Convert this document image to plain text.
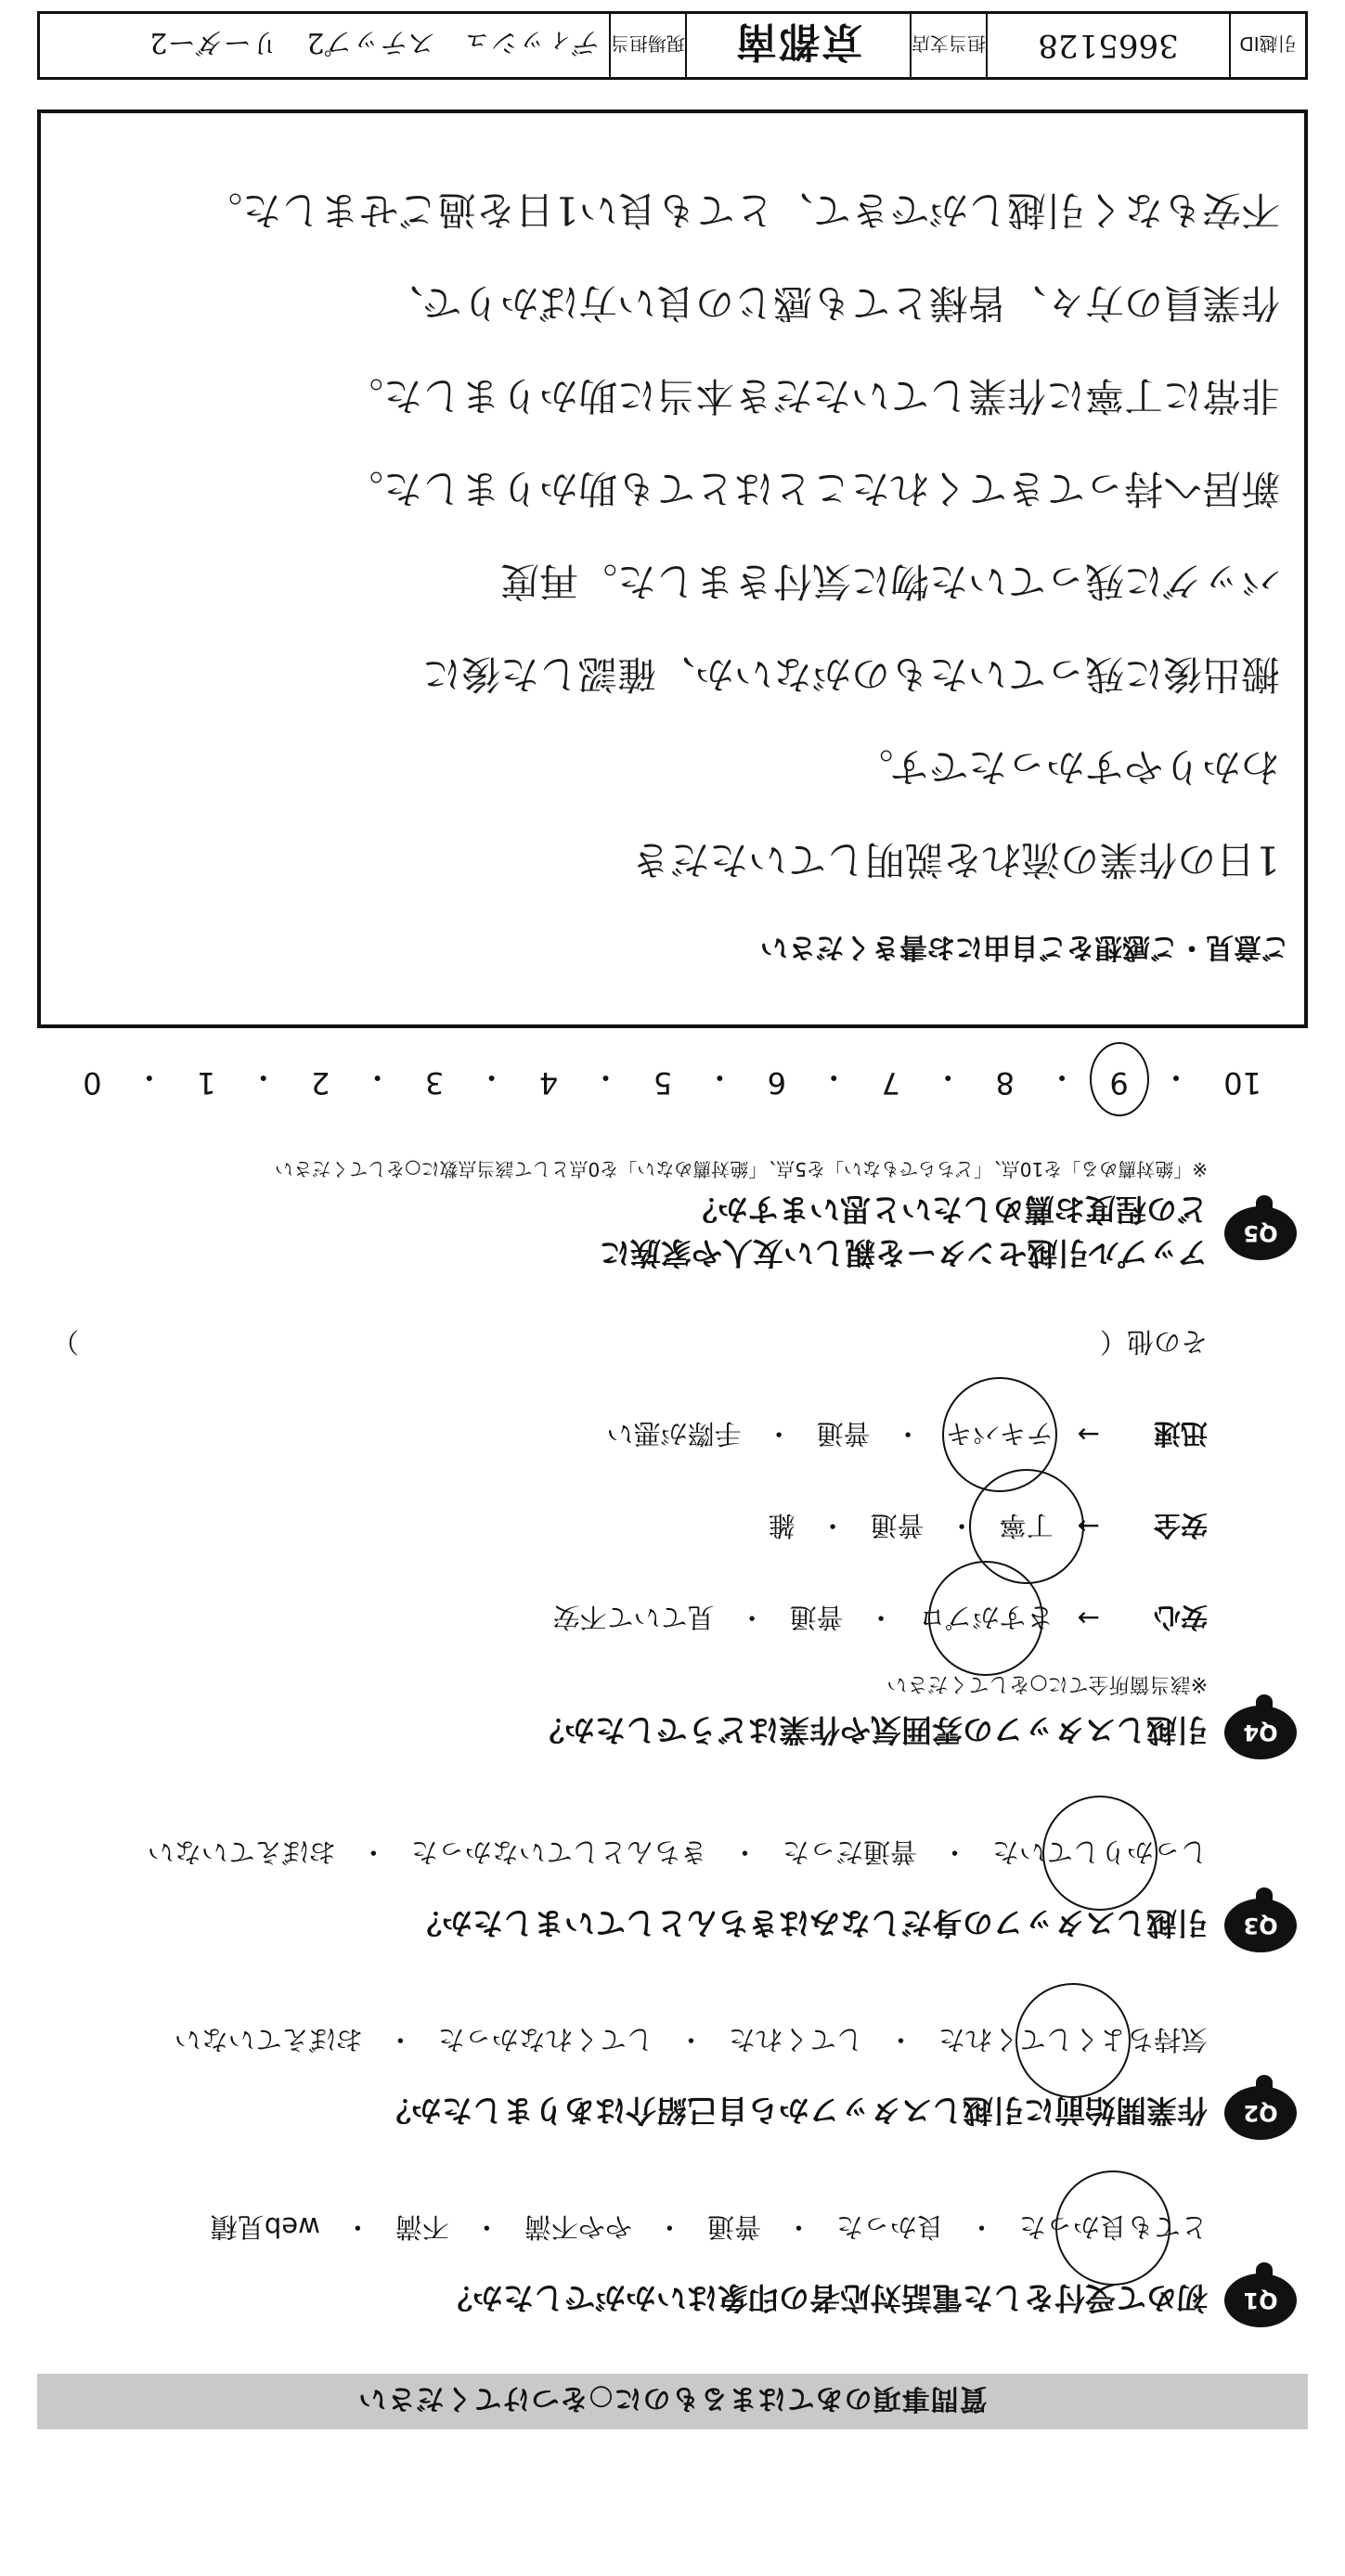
質問事項のあてはまるものに○をつけてください
Q1
初めて受付をした電話対応者の印象はいかがでしたか？
とても良かった
・
良かった
・
普通
・
やや不満
・
不満
・
web見積
Q2
作業開始前に引越しスタッフから自己紹介はありましたか？
気持ちよくしてくれた
・
してくれた
・
してくれなかった
・
おぼえていない
Q3
引越しスタッフの身だしなみはきちんとしていましたか？
しっかりしていた
・
普通だった
・
きちんとしていなかった
・
おぼえていない
Q4
引越しスタッフの雰囲気や作業はどうでしたか？
※該当箇所全てに○をしてください
安心
→
さすがプロ
・
普通
・
見ていて不安
安全
→
丁寧
・
普通
・
雑
迅速
→
テキパキ
・
普通
・
手際が悪い
その他（）
Q5
アップル引越センターを親しい友人や家族に
どの程度お薦めしたいと思いますか？
※「絶対薦める」を10点、「どちらでもない」を5点、「絶対薦めない」を0点として該当点数に○をしてください
10
・
9
・
8
・
7
・
6
・
5
・
4
・
3
・
2
・
1
・
0
ご意見・ご感想をご自由にお書きください
1日の作業の流れを説明していただき
わかりやすかったです。
搬出後に残っていたものがないか、確認した後に
バッグに残っていた物に気付きました。再度
新居へ持ってきてくれたことはとても助かりました。
非常に丁寧に作業していただき本当に助かりました。
作業員の方々、皆様とても感じの良い方ばかりで、
不安もなく引越しができて、とても良い1日を過ごせました。
引越ID
3665128
担当支店
京都南
現場担当
ディッシュ　ステップ2　リーダー2
